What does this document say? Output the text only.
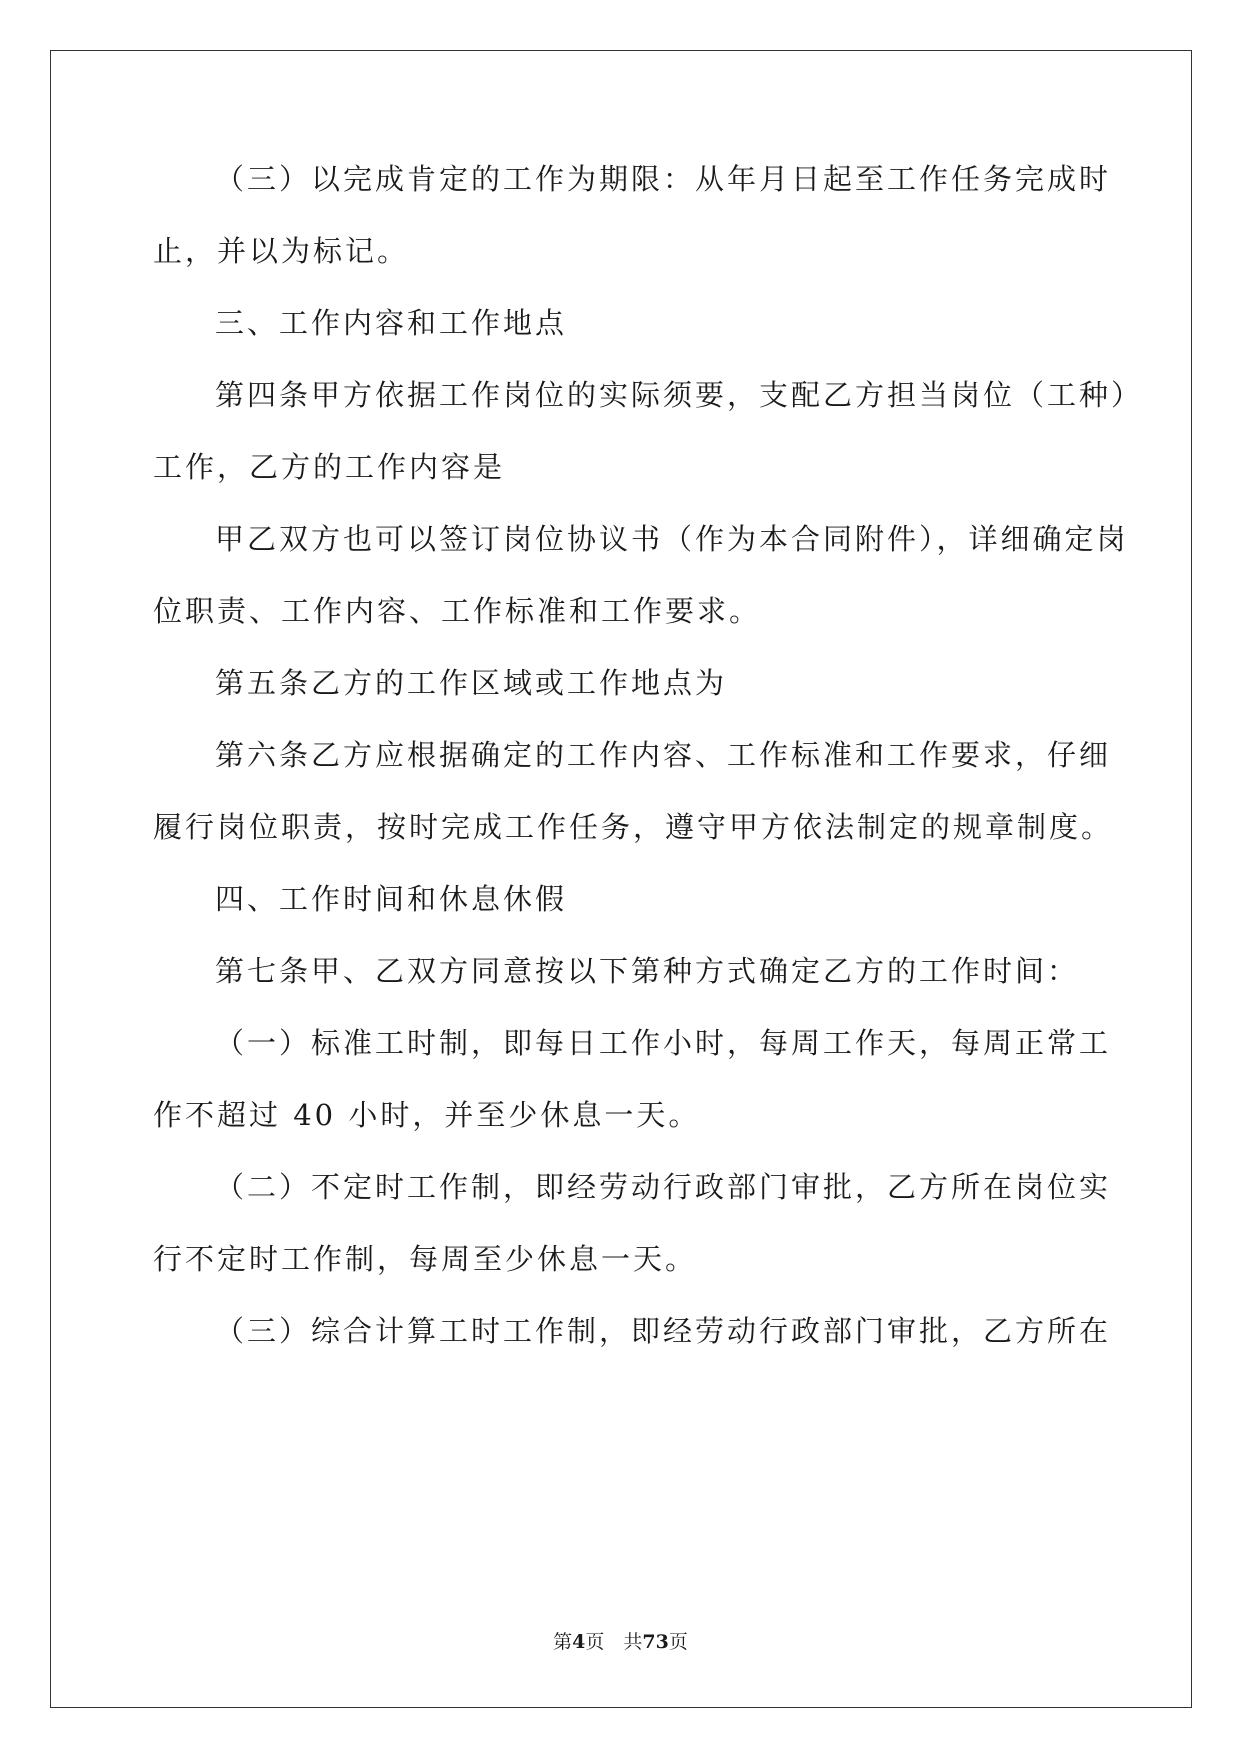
（三）以完成肯定的工作为期限：从年月日起至工作任务完成时
止，并以为标记。
三、工作内容和工作地点
第四条甲方依据工作岗位的实际须要，支配乙方担当岗位（工种）
工作，乙方的工作内容是
甲乙双方也可以签订岗位协议书（作为本合同附件），详细确定岗
位职责、工作内容、工作标准和工作要求。
第五条乙方的工作区域或工作地点为
第六条乙方应根据确定的工作内容、工作标准和工作要求，仔细
履行岗位职责，按时完成工作任务，遵守甲方依法制定的规章制度。
四、工作时间和休息休假
第七条甲、乙双方同意按以下第种方式确定乙方的工作时间：
（一）标准工时制，即每日工作小时，每周工作天，每周正常工
作不超过 40 小时，并至少休息一天。
（二）不定时工作制，即经劳动行政部门审批，乙方所在岗位实
行不定时工作制，每周至少休息一天。
（三）综合计算工时工作制，即经劳动行政部门审批，乙方所在
第4页　共73页
